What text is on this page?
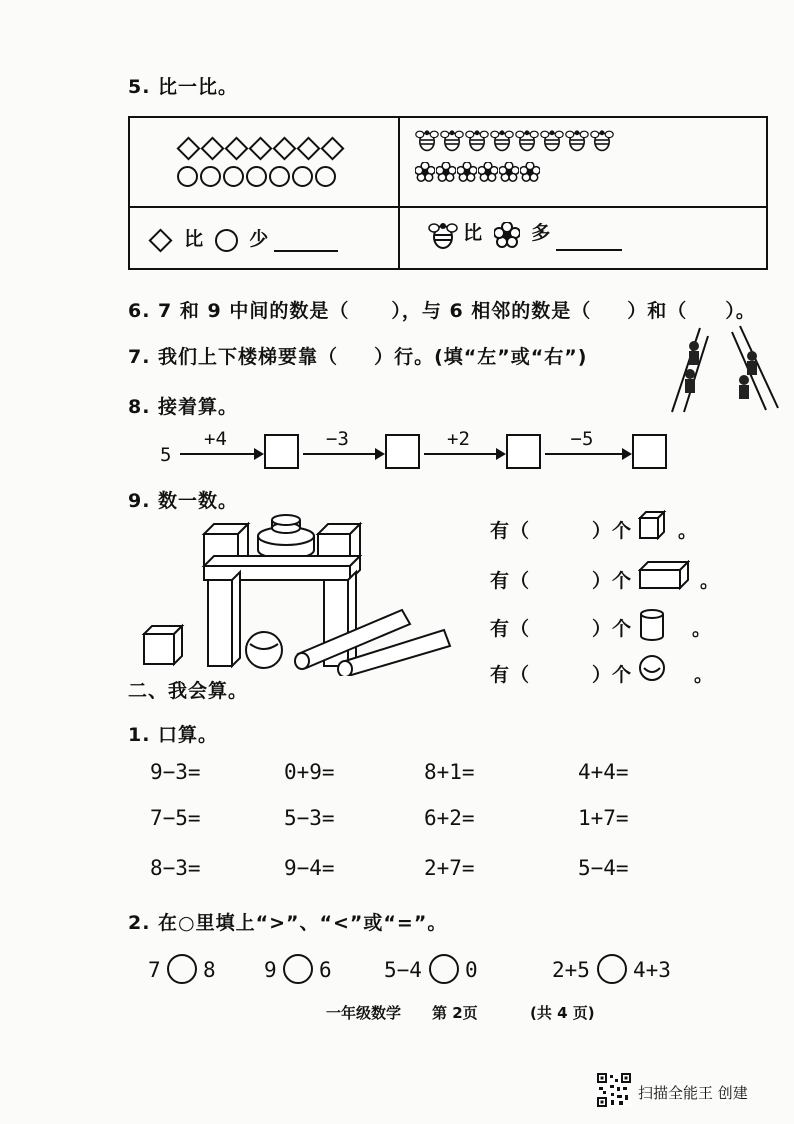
5. 比一比。
比 少	比	多
6. 7 和 9 中间的数是（ ），与 6 相邻的数是（ ）和（ ）。
7. 我们上下楼梯要靠（ ）行。(填“左”或“右”)
8. 接着算。
5
+4	−3	+2	−5
9. 数一数。
有（	）个 。
有（	）个	。
有（	）个	。
有（	）个	。
二、我会算。
1. 口算。
9−3=	0+9=	8+1=	4+4=
7−5=	5−3=	6+2=	1+7=
8−3=	9−4=	2+7=	5−4=
2. 在○里填上“>”、“<”或“=”。
7 8 9 6 5−4 0	2+5 4+3
一年级数学 第 2页	(共 4 页)
扫描全能王 创建
